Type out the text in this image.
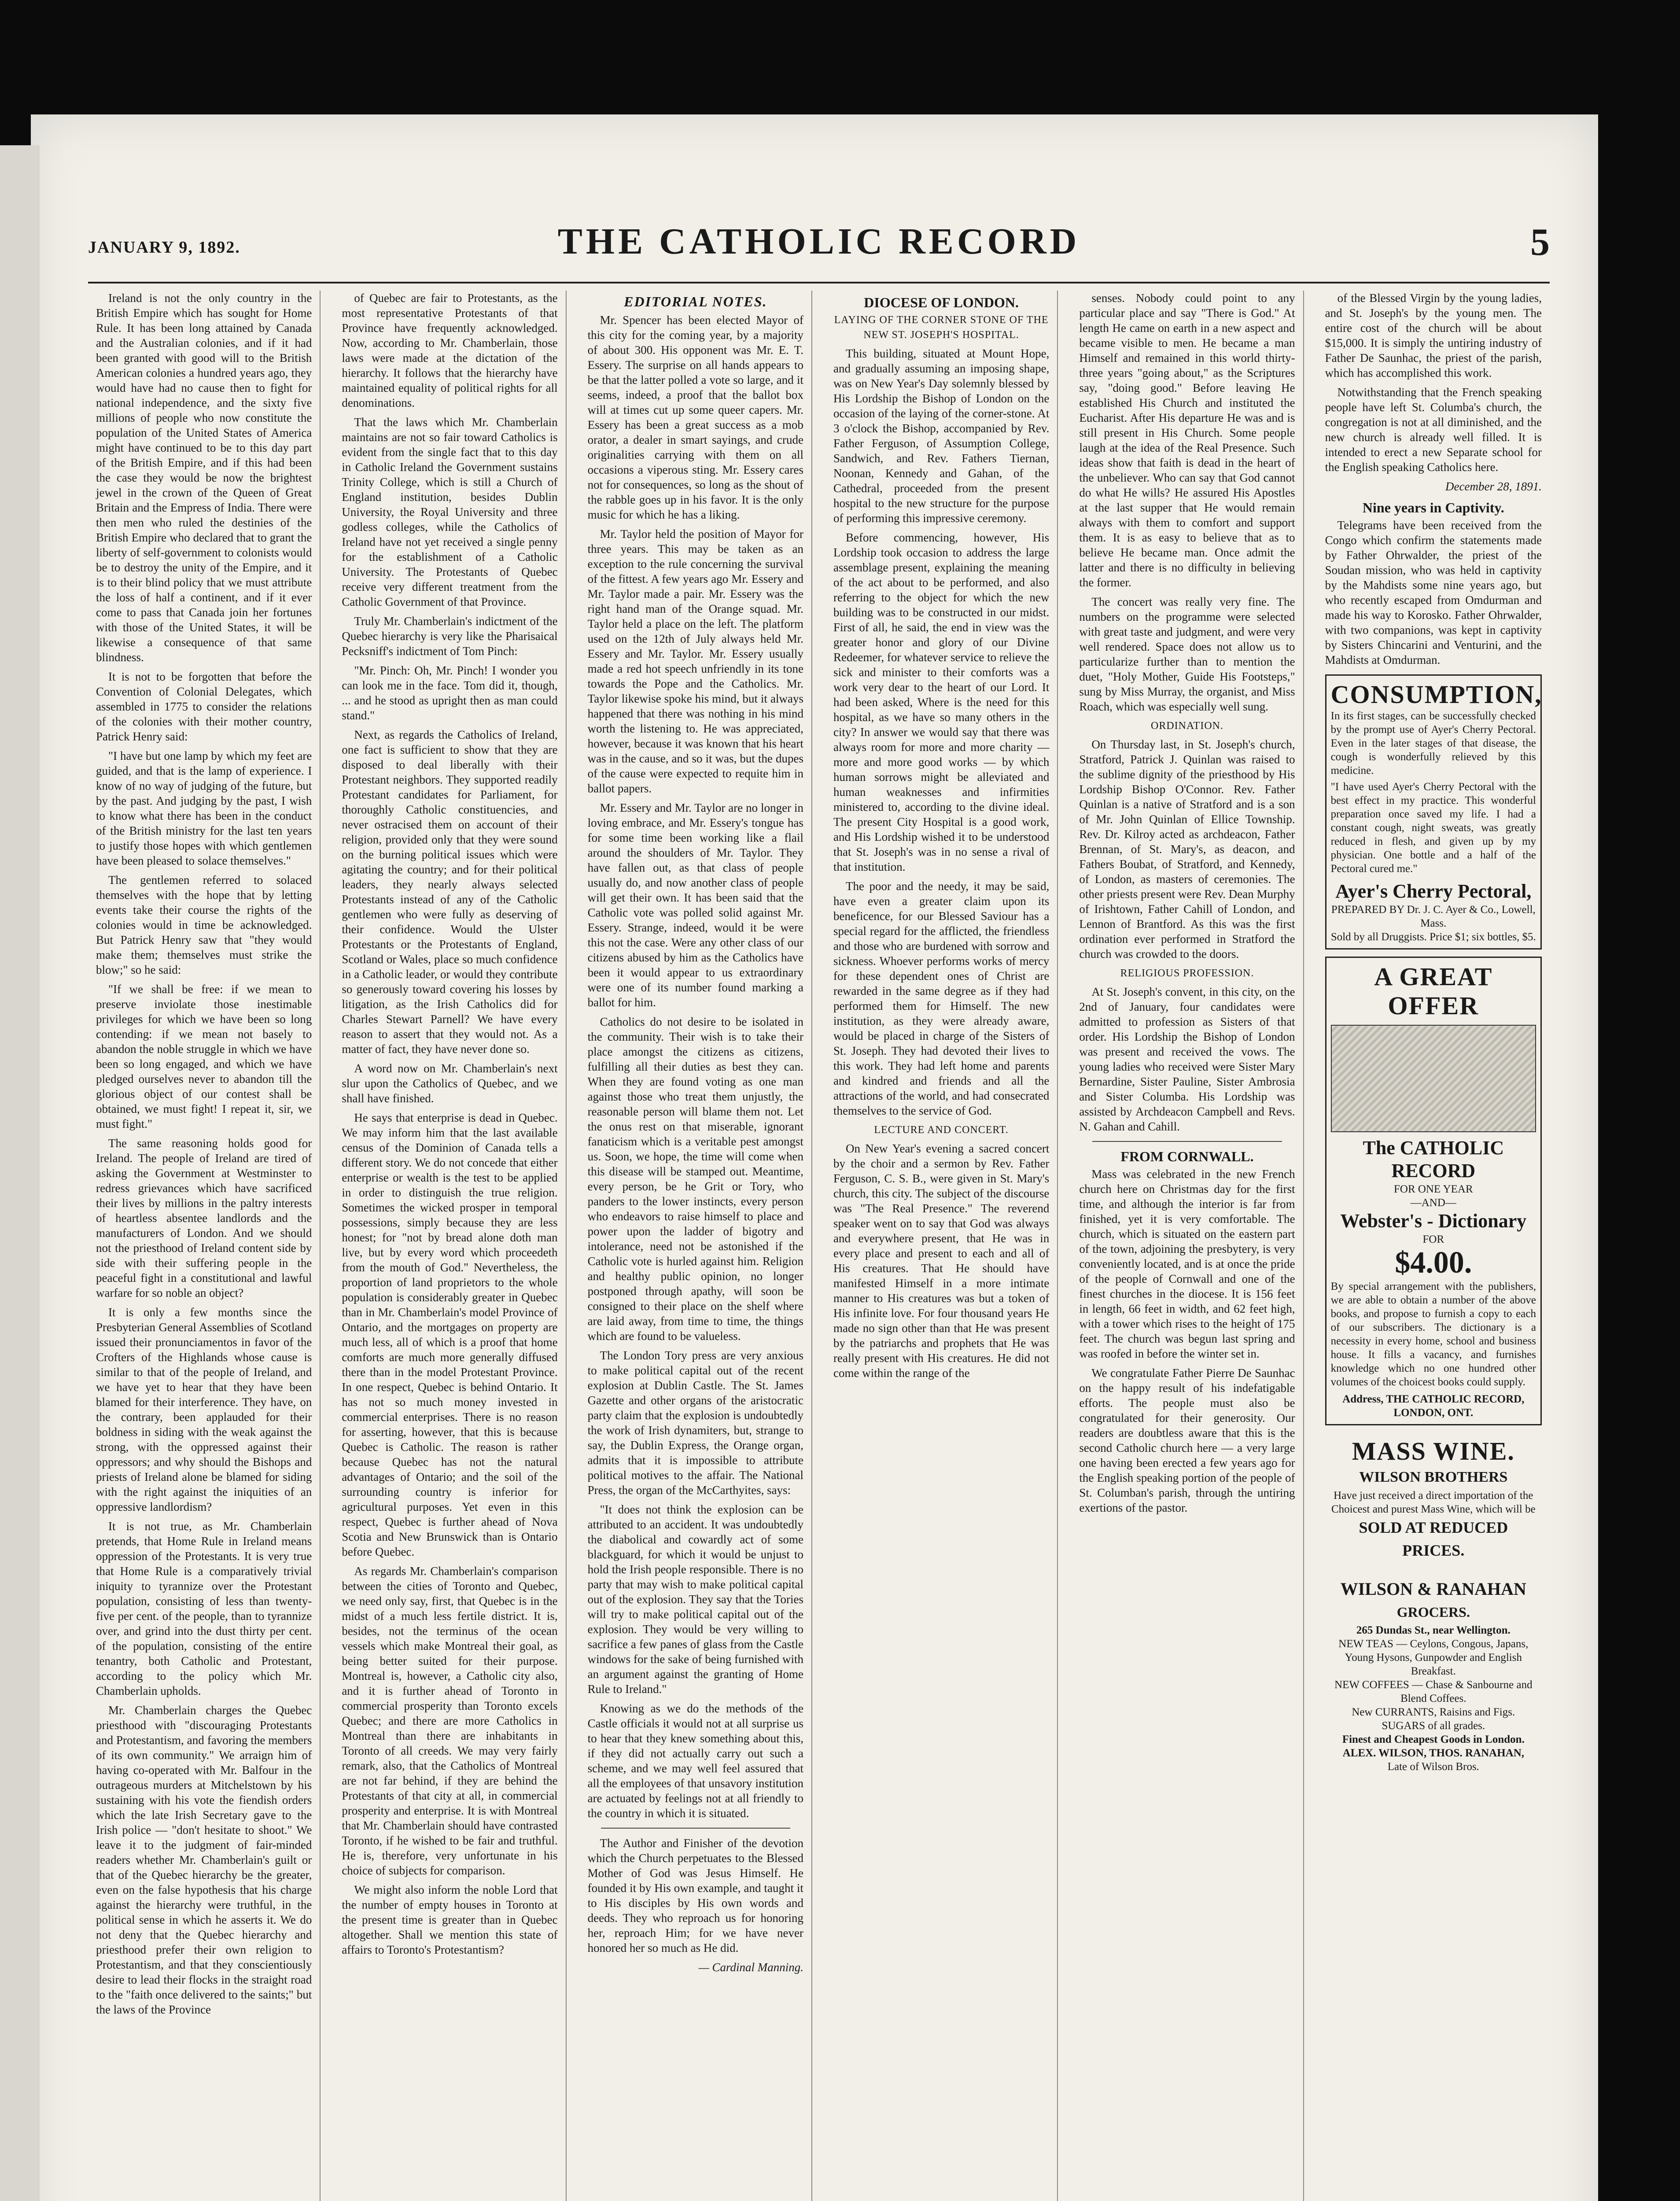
JANUARY 9, 1892.	THE CATHOLIC RECORD	5

Ireland is not the only country in the British Empire which has sought for Home Rule. It has been long attained by Canada and the Australian colonies, and if it had been granted with good will to the British American colonies a hundred years ago, they would have had no cause then to fight for national independence, and the sixty five millions of people who now constitute the population of the United States of America might have continued to be to this day part of the British Empire, and if this had been the case they would be now the brightest jewel in the crown of the Queen of Great Britain and the Empress of India. There were then men who ruled the destinies of the British Empire who declared that to grant the liberty of self-government to colonists would be to destroy the unity of the Empire, and it is to their blind policy that we must attribute the loss of half a continent, and if it ever come to pass that Canada join her fortunes with those of the United States, it will be likewise a consequence of that same blindness.

It is not to be forgotten that before the Convention of Colonial Delegates, which assembled in 1775 to consider the relations of the colonies with their mother country, Patrick Henry said:

"I have but one lamp by which my feet are guided, and that is the lamp of experience. I know of no way of judging of the future, but by the past. And judging by the past, I wish to know what there has been in the conduct of the British ministry for the last ten years to justify those hopes with which gentlemen have been pleased to solace themselves."

The gentlemen referred to solaced themselves with the hope that by letting events take their course the rights of the colonies would in time be acknowledged. But Patrick Henry saw that "they would make them; themselves must strike the blow;" so he said:

"If we shall be free: if we mean to preserve inviolate those inestimable privileges for which we have been so long contending: if we mean not basely to abandon the noble struggle in which we have been so long engaged, and which we have pledged ourselves never to abandon till the glorious object of our contest shall be obtained, we must fight! I repeat it, sir, we must fight."

The same reasoning holds good for Ireland. The people of Ireland are tired of asking the Government at Westminster to redress grievances which have sacrificed their lives by millions in the paltry interests of heartless absentee landlords and the manufacturers of London. And we should not the priesthood of Ireland content side by side with their suffering people in the peaceful fight in a constitutional and lawful warfare for so noble an object?

It is only a few months since the Presbyterian General Assemblies of Scotland issued their pronunciamentos in favor of the Crofters of the Highlands whose cause is similar to that of the people of Ireland, and we have yet to hear that they have been blamed for their interference. They have, on the contrary, been applauded for their boldness in siding with the weak against the strong, with the oppressed against their oppressors; and why should the Bishops and priests of Ireland alone be blamed for siding with the right against the iniquities of an oppressive landlordism?

It is not true, as Mr. Chamberlain pretends, that Home Rule in Ireland means oppression of the Protestants. It is very true that Home Rule is a comparatively trivial iniquity to tyrannize over the Protestant population, consisting of less than twenty-five per cent. of the people, than to tyrannize over, and grind into the dust thirty per cent. of the population, consisting of the entire tenantry, both Catholic and Protestant, according to the policy which Mr. Chamberlain upholds.

Mr. Chamberlain charges the Quebec priesthood with "discouraging Protestants and Protestantism, and favoring the members of its own community." We arraign him of having co-operated with Mr. Balfour in the outrageous murders at Mitchelstown by his sustaining with his vote the fiendish orders which the late Irish Secretary gave to the Irish police — "don't hesitate to shoot." We leave it to the judgment of fair-minded readers whether Mr. Chamberlain's guilt or that of the Quebec hierarchy be the greater, even on the false hypothesis that his charge against the hierarchy were truthful, in the political sense in which he asserts it. We do not deny that the Quebec hierarchy and priesthood prefer their own religion to Protestantism, and that they conscientiously desire to lead their flocks in the straight road to the "faith once delivered to the saints;" but the laws of the Province

of Quebec are fair to Protestants, as the most representative Protestants of that Province have frequently acknowledged. Now, according to Mr. Chamberlain, those laws were made at the dictation of the hierarchy. It follows that the hierarchy have maintained equality of political rights for all denominations.

That the laws which Mr. Chamberlain maintains are not so fair toward Catholics is evident from the single fact that to this day in Catholic Ireland the Government sustains Trinity College, which is still a Church of England institution, besides Dublin University, the Royal University and three godless colleges, while the Catholics of Ireland have not yet received a single penny for the establishment of a Catholic University. The Protestants of Quebec receive very different treatment from the Catholic Government of that Province.

Truly Mr. Chamberlain's indictment of the Quebec hierarchy is very like the Pharisaical Pecksniff's indictment of Tom Pinch:

"Mr. Pinch: Oh, Mr. Pinch! I wonder you can look me in the face. Tom did it, though, ... and he stood as upright then as man could stand."

Next, as regards the Catholics of Ireland, one fact is sufficient to show that they are disposed to deal liberally with their Protestant neighbors. They supported readily Protestant candidates for Parliament, for thoroughly Catholic constituencies, and never ostracised them on account of their religion, provided only that they were sound on the burning political issues which were agitating the country; and for their political leaders, they nearly always selected Protestants instead of any of the Catholic gentlemen who were fully as deserving of their confidence. Would the Ulster Protestants or the Protestants of England, Scotland or Wales, place so much confidence in a Catholic leader, or would they contribute so generously toward covering his losses by litigation, as the Irish Catholics did for Charles Stewart Parnell? We have every reason to assert that they would not. As a matter of fact, they have never done so.

A word now on Mr. Chamberlain's next slur upon the Catholics of Quebec, and we shall have finished.

He says that enterprise is dead in Quebec. We may inform him that the last available census of the Dominion of Canada tells a different story. We do not concede that either enterprise or wealth is the test to be applied in order to distinguish the true religion. Sometimes the wicked prosper in temporal possessions, simply because they are less honest; for "not by bread alone doth man live, but by every word which proceedeth from the mouth of God." Nevertheless, the proportion of land proprietors to the whole population is considerably greater in Quebec than in Mr. Chamberlain's model Province of Ontario, and the mortgages on property are much less, all of which is a proof that home comforts are much more generally diffused there than in the model Protestant Province. In one respect, Quebec is behind Ontario. It has not so much money invested in commercial enterprises. There is no reason for asserting, however, that this is because Quebec is Catholic. The reason is rather because Quebec has not the natural advantages of Ontario; and the soil of the surrounding country is inferior for agricultural purposes. Yet even in this respect, Quebec is further ahead of Nova Scotia and New Brunswick than is Ontario before Quebec.

As regards Mr. Chamberlain's comparison between the cities of Toronto and Quebec, we need only say, first, that Quebec is in the midst of a much less fertile district. It is, besides, not the terminus of the ocean vessels which make Montreal their goal, as being better suited for their purpose. Montreal is, however, a Catholic city also, and it is further ahead of Toronto in commercial prosperity than Toronto excels Quebec; and there are more Catholics in Montreal than there are inhabitants in Toronto of all creeds. We may very fairly remark, also, that the Catholics of Montreal are not far behind, if they are behind the Protestants of that city at all, in commercial prosperity and enterprise. It is with Montreal that Mr. Chamberlain should have contrasted Toronto, if he wished to be fair and truthful. He is, therefore, very unfortunate in his choice of subjects for comparison.

We might also inform the noble Lord that the number of empty houses in Toronto at the present time is greater than in Quebec altogether. Shall we mention this state of affairs to Toronto's Protestantism?

EDITORIAL NOTES.

Mr. Spencer has been elected Mayor of this city for the coming year, by a majority of about 300. His opponent was Mr. E. T. Essery. The surprise on all hands appears to be that the latter polled a vote so large, and it seems, indeed, a proof that the ballot box will at times cut up some queer capers. Mr. Essery has been a great success as a mob orator, a dealer in smart sayings, and crude originalities carrying with them on all occasions a viperous sting. Mr. Essery cares not for consequences, so long as the shout of the rabble goes up in his favor. It is the only music for which he has a liking.

Mr. Taylor held the position of Mayor for three years. This may be taken as an exception to the rule concerning the survival of the fittest. A few years ago Mr. Essery and Mr. Taylor made a pair. Mr. Essery was the right hand man of the Orange squad. Mr. Taylor held a place on the left. The platform used on the 12th of July always held Mr. Essery and Mr. Taylor. Mr. Essery usually made a red hot speech unfriendly in its tone towards the Pope and the Catholics. Mr. Taylor likewise spoke his mind, but it always happened that there was nothing in his mind worth the listening to. He was appreciated, however, because it was known that his heart was in the cause, and so it was, but the dupes of the cause were expected to requite him in ballot papers.

Mr. Essery and Mr. Taylor are no longer in loving embrace, and Mr. Essery's tongue has for some time been working like a flail around the shoulders of Mr. Taylor. They have fallen out, as that class of people usually do, and now another class of people will get their own. It has been said that the Catholic vote was polled solid against Mr. Essery. Strange, indeed, would it be were this not the case. Were any other class of our citizens abused by him as the Catholics have been it would appear to us extraordinary were one of its number found marking a ballot for him.

Catholics do not desire to be isolated in the community. Their wish is to take their place amongst the citizens as citizens, fulfilling all their duties as best they can. When they are found voting as one man against those who treat them unjustly, the reasonable person will blame them not. Let the onus rest on that miserable, ignorant fanaticism which is a veritable pest amongst us. Soon, we hope, the time will come when this disease will be stamped out. Meantime, every person, be he Grit or Tory, who panders to the lower instincts, every person who endeavors to raise himself to place and power upon the ladder of bigotry and intolerance, need not be astonished if the Catholic vote is hurled against him. Religion and healthy public opinion, no longer postponed through apathy, will soon be consigned to their place on the shelf where are laid away, from time to time, the things which are found to be valueless.

The London Tory press are very anxious to make political capital out of the recent explosion at Dublin Castle. The St. James Gazette and other organs of the aristocratic party claim that the explosion is undoubtedly the work of Irish dynamiters, but, strange to say, the Dublin Express, the Orange organ, admits that it is impossible to attribute political motives to the affair. The National Press, the organ of the McCarthyites, says:

"It does not think the explosion can be attributed to an accident. It was undoubtedly the diabolical and cowardly act of some blackguard, for which it would be unjust to hold the Irish people responsible. There is no party that may wish to make political capital out of the explosion. They say that the Tories will try to make political capital out of the explosion. They would be very willing to sacrifice a few panes of glass from the Castle windows for the sake of being furnished with an argument against the granting of Home Rule to Ireland."

Knowing as we do the methods of the Castle officials it would not at all surprise us to hear that they knew something about this, if they did not actually carry out such a scheme, and we may well feel assured that all the employees of that unsavory institution are actuated by feelings not at all friendly to the country in which it is situated.

The Author and Finisher of the devotion which the Church perpetuates to the Blessed Mother of God was Jesus Himself. He founded it by His own example, and taught it to His disciples by His own words and deeds. They who reproach us for honoring her, reproach Him; for we have never honored her so much as He did.

— Cardinal Manning.
DIOCESE OF LONDON.
LAYING OF THE CORNER STONE OF THE NEW ST. JOSEPH'S HOSPITAL.

This building, situated at Mount Hope, and gradually assuming an imposing shape, was on New Year's Day solemnly blessed by His Lordship the Bishop of London on the occasion of the laying of the corner-stone. At 3 o'clock the Bishop, accompanied by Rev. Father Ferguson, of Assumption College, Sandwich, and Rev. Fathers Tiernan, Noonan, Kennedy and Gahan, of the Cathedral, proceeded from the present hospital to the new structure for the purpose of performing this impressive ceremony.

Before commencing, however, His Lordship took occasion to address the large assemblage present, explaining the meaning of the act about to be performed, and also referring to the object for which the new building was to be constructed in our midst. First of all, he said, the end in view was the greater honor and glory of our Divine Redeemer, for whatever service to relieve the sick and minister to their comforts was a work very dear to the heart of our Lord. It had been asked, Where is the need for this hospital, as we have so many others in the city? In answer we would say that there was always room for more and more charity — more and more good works — by which human sorrows might be alleviated and human weaknesses and infirmities ministered to, according to the divine ideal. The present City Hospital is a good work, and His Lordship wished it to be understood that St. Joseph's was in no sense a rival of that institution.

The poor and the needy, it may be said, have even a greater claim upon its beneficence, for our Blessed Saviour has a special regard for the afflicted, the friendless and those who are burdened with sorrow and sickness. Whoever performs works of mercy for these dependent ones of Christ are rewarded in the same degree as if they had performed them for Himself. The new institution, as they were already aware, would be placed in charge of the Sisters of St. Joseph. They had devoted their lives to this work. They had left home and parents and kindred and friends and all the attractions of the world, and had consecrated themselves to the service of God.

LECTURE AND CONCERT.

On New Year's evening a sacred concert by the choir and a sermon by Rev. Father Ferguson, C. S. B., were given in St. Mary's church, this city. The subject of the discourse was "The Real Presence." The reverend speaker went on to say that God was always and everywhere present, that He was in every place and present to each and all of His creatures. That He should have manifested Himself in a more intimate manner to His creatures was but a token of His infinite love. For four thousand years He made no sign other than that He was present by the patriarchs and prophets that He was really present with His creatures. He did not come within the range of the

senses. Nobody could point to any particular place and say "There is God." At length He came on earth in a new aspect and became visible to men. He became a man Himself and remained in this world thirty-three years "going about," as the Scriptures say, "doing good." Before leaving He established His Church and instituted the Eucharist. After His departure He was and is still present in His Church. Some people laugh at the idea of the Real Presence. Such ideas show that faith is dead in the heart of the unbeliever. Who can say that God cannot do what He wills? He assured His Apostles at the last supper that He would remain always with them to comfort and support them. It is as easy to believe that as to believe He became man. Once admit the latter and there is no difficulty in believing the former.

The concert was really very fine. The numbers on the programme were selected with great taste and judgment, and were very well rendered. Space does not allow us to particularize further than to mention the duet, "Holy Mother, Guide His Footsteps," sung by Miss Murray, the organist, and Miss Roach, which was especially well sung.

ORDINATION.

On Thursday last, in St. Joseph's church, Stratford, Patrick J. Quinlan was raised to the sublime dignity of the priesthood by His Lordship Bishop O'Connor. Rev. Father Quinlan is a native of Stratford and is a son of Mr. John Quinlan of Ellice Township. Rev. Dr. Kilroy acted as archdeacon, Father Brennan, of St. Mary's, as deacon, and Fathers Boubat, of Stratford, and Kennedy, of London, as masters of ceremonies. The other priests present were Rev. Dean Murphy of Irishtown, Father Cahill of London, and Lennon of Brantford. As this was the first ordination ever performed in Stratford the church was crowded to the doors.

RELIGIOUS PROFESSION.

At St. Joseph's convent, in this city, on the 2nd of January, four candidates were admitted to profession as Sisters of that order. His Lordship the Bishop of London was present and received the vows. The young ladies who received were Sister Mary Bernardine, Sister Pauline, Sister Ambrosia and Sister Columba. His Lordship was assisted by Archdeacon Campbell and Revs. N. Gahan and Cahill.

FROM CORNWALL.

Mass was celebrated in the new French church here on Christmas day for the first time, and although the interior is far from finished, yet it is very comfortable. The church, which is situated on the eastern part of the town, adjoining the presbytery, is very conveniently located, and is at once the pride of the people of Cornwall and one of the finest churches in the diocese. It is 156 feet in length, 66 feet in width, and 62 feet high, with a tower which rises to the height of 175 feet. The church was begun last spring and was roofed in before the winter set in.

We congratulate Father Pierre De Saunhac on the happy result of his indefatigable efforts. The people must also be congratulated for their generosity. Our readers are doubtless aware that this is the second Catholic church here — a very large one having been erected a few years ago for the English speaking portion of the people of St. Columban's parish, through the untiring exertions of the pastor.

of the Blessed Virgin by the young ladies, and St. Joseph's by the young men. The entire cost of the church will be about $15,000. It is simply the untiring industry of Father De Saunhac, the priest of the parish, which has accomplished this work.

Notwithstanding that the French speaking people have left St. Columba's church, the congregation is not at all diminished, and the new church is already well filled. It is intended to erect a new Separate school for the English speaking Catholics here.

December 28, 1891.
Nine years in Captivity.

Telegrams have been received from the Congo which confirm the statements made by Father Ohrwalder, the priest of the Soudan mission, who was held in captivity by the Mahdists some nine years ago, but who recently escaped from Omdurman and made his way to Korosko. Father Ohrwalder, with two companions, was kept in captivity by Sisters Chincarini and Venturini, and the Mahdists at Omdurman.

CONSUMPTION,
In its first stages, can be successfully checked by the prompt use of Ayer's Cherry Pectoral. Even in the later stages of that disease, the cough is wonderfully relieved by this medicine.
"I have used Ayer's Cherry Pectoral with the best effect in my practice. This wonderful preparation once saved my life. I had a constant cough, night sweats, was greatly reduced in flesh, and given up by my physician. One bottle and a half of the Pectoral cured me."
Ayer's Cherry Pectoral,
PREPARED BY Dr. J. C. Ayer & Co., Lowell, Mass.
Sold by all Druggists. Price $1; six bottles, $5.
A GREAT OFFER
The CATHOLIC RECORD
FOR ONE YEAR
—AND—
Webster's - Dictionary
FOR
$4.00.
By special arrangement with the publishers, we are able to obtain a number of the above books, and propose to furnish a copy to each of our subscribers. The dictionary is a necessity in every home, school and business house. It fills a vacancy, and furnishes knowledge which no one hundred other volumes of the choicest books could supply.
Address, THE CATHOLIC RECORD, LONDON, ONT.
MASS WINE.
WILSON BROTHERS
Have just received a direct importation of the Choicest and purest Mass Wine, which will be
SOLD AT REDUCED PRICES.
WILSON & RANAHAN
GROCERS.
265 Dundas St., near Wellington.
NEW TEAS — Ceylons, Congous, Japans, Young Hysons, Gunpowder and English Breakfast.
NEW COFFEES — Chase & Sanbourne and Blend Coffees.
New CURRANTS, Raisins and Figs.
SUGARS of all grades.
Finest and Cheapest Goods in London.
ALEX. WILSON, THOS. RANAHAN,
Late of Wilson Bros.
